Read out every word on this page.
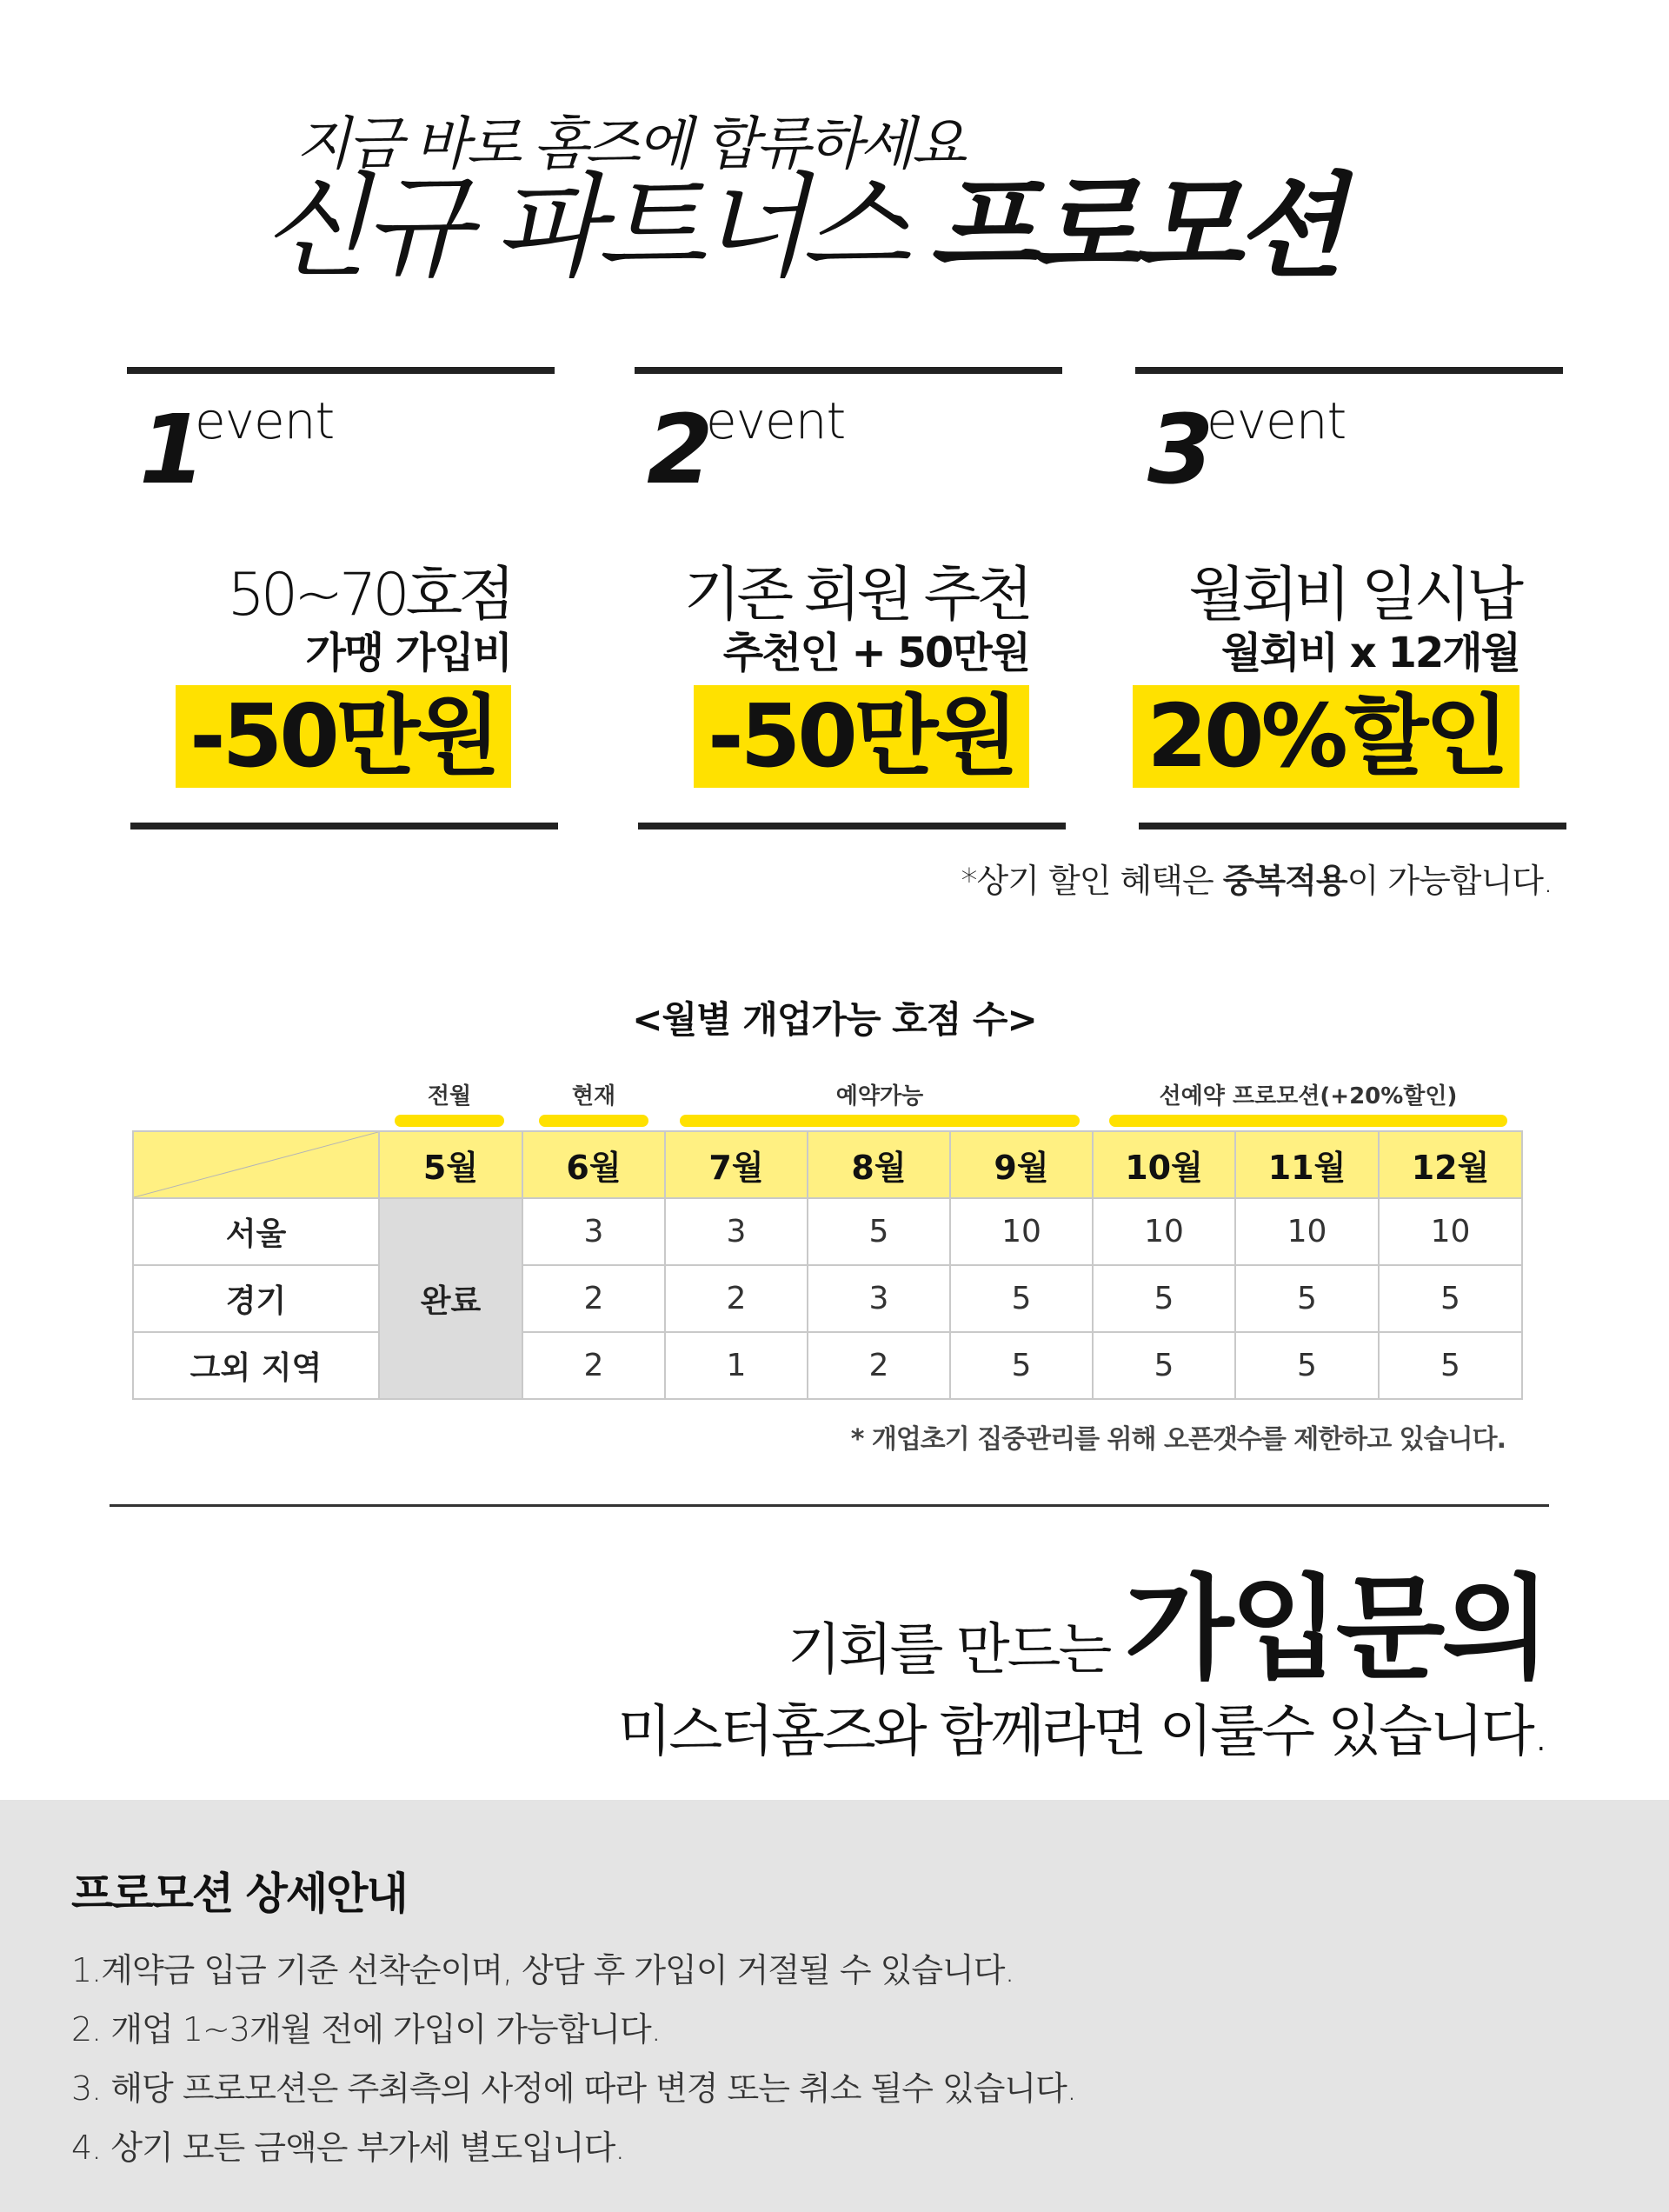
지금 바로 홈즈에 합류하세요
신규 파트너스 프로모션
1
event
50~70호점
가맹 가입비
-50만원
2
event
기존 회원 추천
추천인 + 50만원
-50만원
3
event
월회비 일시납
월회비 x 12개월
20%할인
*상기 할인 혜택은 중복적용이 가능합니다.
<월별 개업가능 호점 수>
전월	현재	예약가능	선예약 프로모션(+20%할인)
	5월	6월	7월	8월	9월	10월	11월	12월
서울	완료	3	3	5	10	10	10	10
경기		2	2	3	5	5	5	5
그외 지역		2	1	2	5	5	5	5
* 개업초기 집중관리를 위해 오픈갯수를 제한하고 있습니다.
기회를 만드는 가입문의
미스터홈즈와 함께라면 이룰수 있습니다.
프로모션 상세안내
1.계약금 입금 기준 선착순이며, 상담 후 가입이 거절될 수 있습니다.
2. 개업 1~3개월 전에 가입이 가능합니다.
3. 해당 프로모션은 주최측의 사정에 따라 변경 또는 취소 될수 있습니다.
4. 상기 모든 금액은 부가세 별도입니다.
